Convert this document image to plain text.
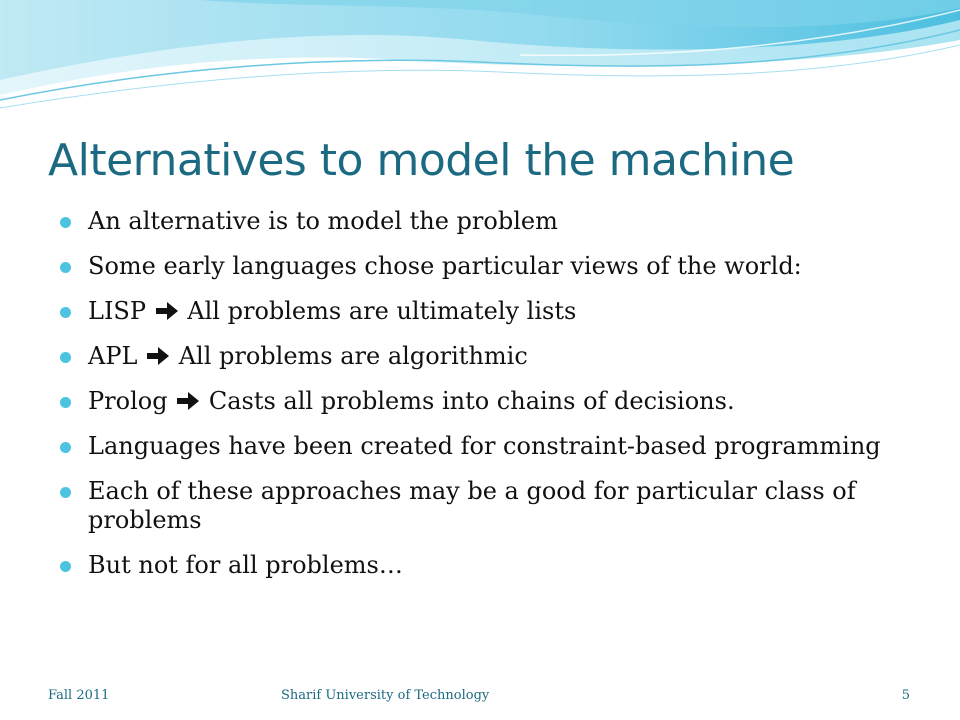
Alternatives to model the machine
An alternative is to model the problem
Some early languages chose particular views of the world:
LISP All problems are ultimately lists
APL All problems are algorithmic
Prolog Casts all problems into chains of decisions.
Languages have been created for constraint-based programming
Each of these approaches may be a good for particular class of problems
But not for all problems…
Fall 2011	Sharif University of Technology	5
